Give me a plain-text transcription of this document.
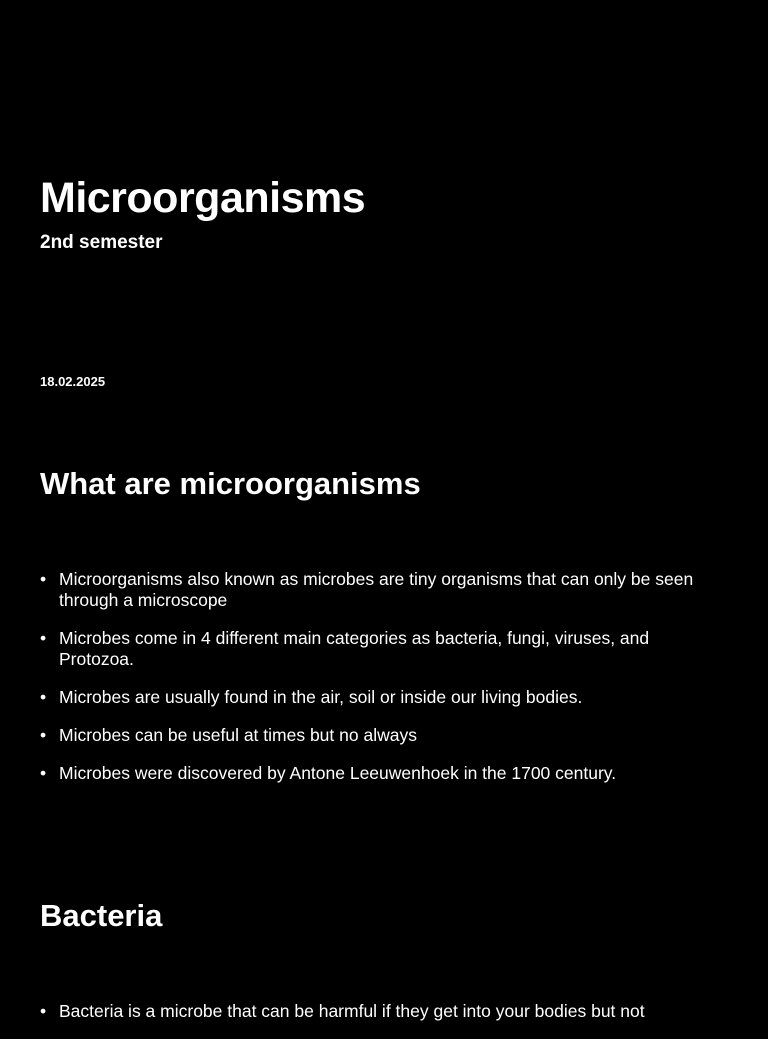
Microorganisms
2nd semester
18.02.2025
What are microorganisms
• Microorganisms also known as microbes are tiny organisms that can only be seen through a microscope
• Microbes come in 4 different main categories as bacteria, fungi, viruses, and Protozoa.
• Microbes are usually found in the air, soil or inside our living bodies.
• Microbes can be useful at times but no always
• Microbes were discovered by Antone Leeuwenhoek in the 1700 century.
Bacteria
• Bacteria is a microbe that can be harmful if they get into your bodies but not
